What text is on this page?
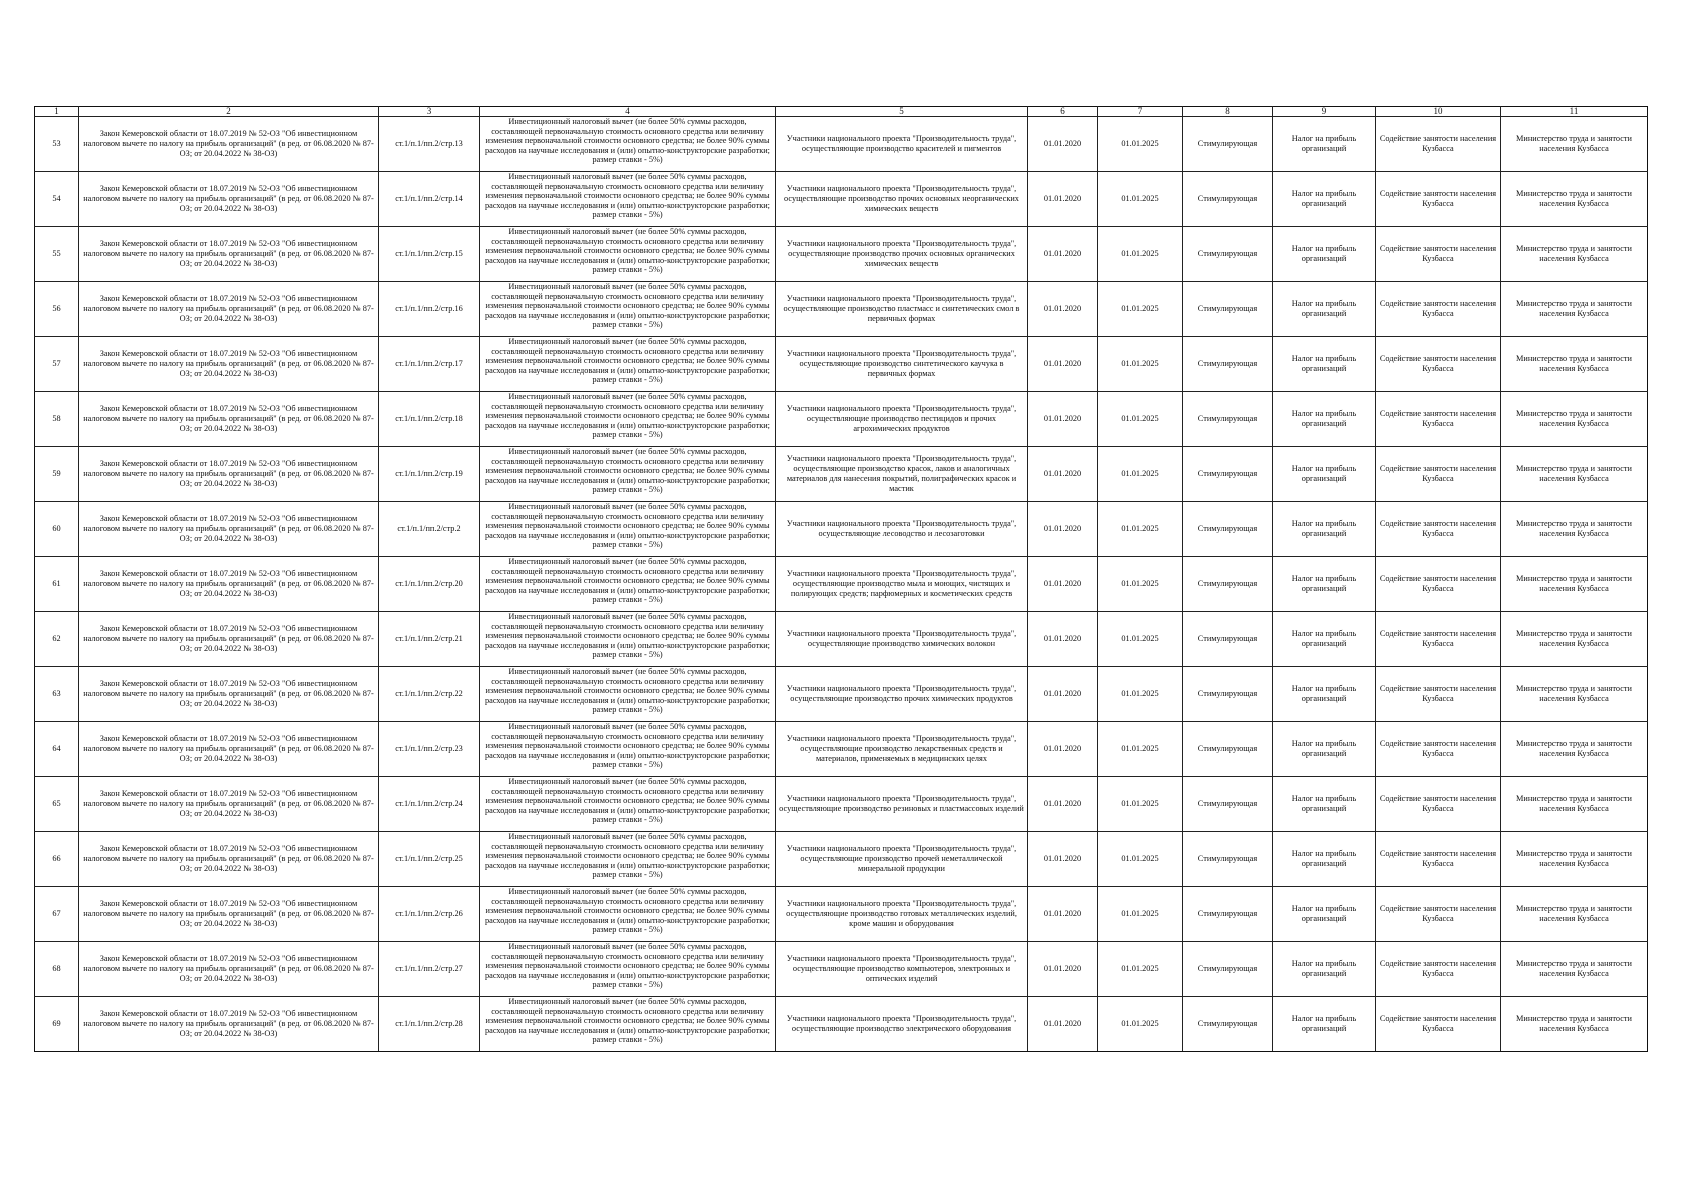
1	2	3	4	5	6	7	8	9	10	11
53	Закон Кемеровской области от 18.07.2019 № 52-ОЗ "Об инвестиционном налоговом вычете по налогу на прибыль организаций" (в ред. от 06.08.2020 № 87-ОЗ; от 20.04.2022 № 38-ОЗ)	ст.1/п.1/пп.2/стр.13	Инвестиционный налоговый вычет (не более 50% суммы расходов, составляющей первоначальную стоимость основного средства или величину изменения первоначальной стоимости основного средства; не более 90% суммы расходов на научные исследования и (или) опытно-конструкторские разработки; размер ставки - 5%)	Участники национального проекта "Производительность труда", осуществляющие производство красителей и пигментов	01.01.2020	01.01.2025	Стимулирующая	Налог на прибыль организаций	Содействие занятости населения Кузбасса	Министерство труда и занятости населения Кузбасса
54	Закон Кемеровской области от 18.07.2019 № 52-ОЗ "Об инвестиционном налоговом вычете по налогу на прибыль организаций" (в ред. от 06.08.2020 № 87-ОЗ; от 20.04.2022 № 38-ОЗ)	ст.1/п.1/пп.2/стр.14	Инвестиционный налоговый вычет (не более 50% суммы расходов, составляющей первоначальную стоимость основного средства или величину изменения первоначальной стоимости основного средства; не более 90% суммы расходов на научные исследования и (или) опытно-конструкторские разработки; размер ставки - 5%)	Участники национального проекта "Производительность труда", осуществляющие производство прочих основных неорганических химических веществ	01.01.2020	01.01.2025	Стимулирующая	Налог на прибыль организаций	Содействие занятости населения Кузбасса	Министерство труда и занятости населения Кузбасса
55	Закон Кемеровской области от 18.07.2019 № 52-ОЗ "Об инвестиционном налоговом вычете по налогу на прибыль организаций" (в ред. от 06.08.2020 № 87-ОЗ; от 20.04.2022 № 38-ОЗ)	ст.1/п.1/пп.2/стр.15	Инвестиционный налоговый вычет (не более 50% суммы расходов, составляющей первоначальную стоимость основного средства или величину изменения первоначальной стоимости основного средства; не более 90% суммы расходов на научные исследования и (или) опытно-конструкторские разработки; размер ставки - 5%)	Участники национального проекта "Производительность труда", осуществляющие производство прочих основных органических химических веществ	01.01.2020	01.01.2025	Стимулирующая	Налог на прибыль организаций	Содействие занятости населения Кузбасса	Министерство труда и занятости населения Кузбасса
56	Закон Кемеровской области от 18.07.2019 № 52-ОЗ "Об инвестиционном налоговом вычете по налогу на прибыль организаций" (в ред. от 06.08.2020 № 87-ОЗ; от 20.04.2022 № 38-ОЗ)	ст.1/п.1/пп.2/стр.16	Инвестиционный налоговый вычет (не более 50% суммы расходов, составляющей первоначальную стоимость основного средства или величину изменения первоначальной стоимости основного средства; не более 90% суммы расходов на научные исследования и (или) опытно-конструкторские разработки; размер ставки - 5%)	Участники национального проекта "Производительность труда", осуществляющие производство пластмасс и синтетических смол в первичных формах	01.01.2020	01.01.2025	Стимулирующая	Налог на прибыль организаций	Содействие занятости населения Кузбасса	Министерство труда и занятости населения Кузбасса
57	Закон Кемеровской области от 18.07.2019 № 52-ОЗ "Об инвестиционном налоговом вычете по налогу на прибыль организаций" (в ред. от 06.08.2020 № 87-ОЗ; от 20.04.2022 № 38-ОЗ)	ст.1/п.1/пп.2/стр.17	Инвестиционный налоговый вычет (не более 50% суммы расходов, составляющей первоначальную стоимость основного средства или величину изменения первоначальной стоимости основного средства; не более 90% суммы расходов на научные исследования и (или) опытно-конструкторские разработки; размер ставки - 5%)	Участники национального проекта "Производительность труда", осуществляющие производство синтетического каучука в первичных формах	01.01.2020	01.01.2025	Стимулирующая	Налог на прибыль организаций	Содействие занятости населения Кузбасса	Министерство труда и занятости населения Кузбасса
58	Закон Кемеровской области от 18.07.2019 № 52-ОЗ "Об инвестиционном налоговом вычете по налогу на прибыль организаций" (в ред. от 06.08.2020 № 87-ОЗ; от 20.04.2022 № 38-ОЗ)	ст.1/п.1/пп.2/стр.18	Инвестиционный налоговый вычет (не более 50% суммы расходов, составляющей первоначальную стоимость основного средства или величину изменения первоначальной стоимости основного средства; не более 90% суммы расходов на научные исследования и (или) опытно-конструкторские разработки; размер ставки - 5%)	Участники национального проекта "Производительность труда", осуществляющие производство пестицидов и прочих агрохимических продуктов	01.01.2020	01.01.2025	Стимулирующая	Налог на прибыль организаций	Содействие занятости населения Кузбасса	Министерство труда и занятости населения Кузбасса
59	Закон Кемеровской области от 18.07.2019 № 52-ОЗ "Об инвестиционном налоговом вычете по налогу на прибыль организаций" (в ред. от 06.08.2020 № 87-ОЗ; от 20.04.2022 № 38-ОЗ)	ст.1/п.1/пп.2/стр.19	Инвестиционный налоговый вычет (не более 50% суммы расходов, составляющей первоначальную стоимость основного средства или величину изменения первоначальной стоимости основного средства; не более 90% суммы расходов на научные исследования и (или) опытно-конструкторские разработки; размер ставки - 5%)	Участники национального проекта "Производительность труда", осуществляющие производство красок, лаков и аналогичных материалов для нанесения покрытий, полиграфических красок и мастик	01.01.2020	01.01.2025	Стимулирующая	Налог на прибыль организаций	Содействие занятости населения Кузбасса	Министерство труда и занятости населения Кузбасса
60	Закон Кемеровской области от 18.07.2019 № 52-ОЗ "Об инвестиционном налоговом вычете по налогу на прибыль организаций" (в ред. от 06.08.2020 № 87-ОЗ; от 20.04.2022 № 38-ОЗ)	ст.1/п.1/пп.2/стр.2	Инвестиционный налоговый вычет (не более 50% суммы расходов, составляющей первоначальную стоимость основного средства или величину изменения первоначальной стоимости основного средства; не более 90% суммы расходов на научные исследования и (или) опытно-конструкторские разработки; размер ставки - 5%)	Участники национального проекта "Производительность труда", осуществляющие лесоводство и лесозаготовки	01.01.2020	01.01.2025	Стимулирующая	Налог на прибыль организаций	Содействие занятости населения Кузбасса	Министерство труда и занятости населения Кузбасса
61	Закон Кемеровской области от 18.07.2019 № 52-ОЗ "Об инвестиционном налоговом вычете по налогу на прибыль организаций" (в ред. от 06.08.2020 № 87-ОЗ; от 20.04.2022 № 38-ОЗ)	ст.1/п.1/пп.2/стр.20	Инвестиционный налоговый вычет (не более 50% суммы расходов, составляющей первоначальную стоимость основного средства или величину изменения первоначальной стоимости основного средства; не более 90% суммы расходов на научные исследования и (или) опытно-конструкторские разработки; размер ставки - 5%)	Участники национального проекта "Производительность труда", осуществляющие производство мыла и моющих, чистящих и полирующих средств; парфюмерных и косметических средств	01.01.2020	01.01.2025	Стимулирующая	Налог на прибыль организаций	Содействие занятости населения Кузбасса	Министерство труда и занятости населения Кузбасса
62	Закон Кемеровской области от 18.07.2019 № 52-ОЗ "Об инвестиционном налоговом вычете по налогу на прибыль организаций" (в ред. от 06.08.2020 № 87-ОЗ; от 20.04.2022 № 38-ОЗ)	ст.1/п.1/пп.2/стр.21	Инвестиционный налоговый вычет (не более 50% суммы расходов, составляющей первоначальную стоимость основного средства или величину изменения первоначальной стоимости основного средства; не более 90% суммы расходов на научные исследования и (или) опытно-конструкторские разработки; размер ставки - 5%)	Участники национального проекта "Производительность труда", осуществляющие производство химических волокон	01.01.2020	01.01.2025	Стимулирующая	Налог на прибыль организаций	Содействие занятости населения Кузбасса	Министерство труда и занятости населения Кузбасса
63	Закон Кемеровской области от 18.07.2019 № 52-ОЗ "Об инвестиционном налоговом вычете по налогу на прибыль организаций" (в ред. от 06.08.2020 № 87-ОЗ; от 20.04.2022 № 38-ОЗ)	ст.1/п.1/пп.2/стр.22	Инвестиционный налоговый вычет (не более 50% суммы расходов, составляющей первоначальную стоимость основного средства или величину изменения первоначальной стоимости основного средства; не более 90% суммы расходов на научные исследования и (или) опытно-конструкторские разработки; размер ставки - 5%)	Участники национального проекта "Производительность труда", осуществляющие производство прочих химических продуктов	01.01.2020	01.01.2025	Стимулирующая	Налог на прибыль организаций	Содействие занятости населения Кузбасса	Министерство труда и занятости населения Кузбасса
64	Закон Кемеровской области от 18.07.2019 № 52-ОЗ "Об инвестиционном налоговом вычете по налогу на прибыль организаций" (в ред. от 06.08.2020 № 87-ОЗ; от 20.04.2022 № 38-ОЗ)	ст.1/п.1/пп.2/стр.23	Инвестиционный налоговый вычет (не более 50% суммы расходов, составляющей первоначальную стоимость основного средства или величину изменения первоначальной стоимости основного средства; не более 90% суммы расходов на научные исследования и (или) опытно-конструкторские разработки; размер ставки - 5%)	Участники национального проекта "Производительность труда", осуществляющие производство лекарственных средств и материалов, применяемых в медицинских целях	01.01.2020	01.01.2025	Стимулирующая	Налог на прибыль организаций	Содействие занятости населения Кузбасса	Министерство труда и занятости населения Кузбасса
65	Закон Кемеровской области от 18.07.2019 № 52-ОЗ "Об инвестиционном налоговом вычете по налогу на прибыль организаций" (в ред. от 06.08.2020 № 87-ОЗ; от 20.04.2022 № 38-ОЗ)	ст.1/п.1/пп.2/стр.24	Инвестиционный налоговый вычет (не более 50% суммы расходов, составляющей первоначальную стоимость основного средства или величину изменения первоначальной стоимости основного средства; не более 90% суммы расходов на научные исследования и (или) опытно-конструкторские разработки; размер ставки - 5%)	Участники национального проекта "Производительность труда", осуществляющие производство резиновых и пластмассовых изделий	01.01.2020	01.01.2025	Стимулирующая	Налог на прибыль организаций	Содействие занятости населения Кузбасса	Министерство труда и занятости населения Кузбасса
66	Закон Кемеровской области от 18.07.2019 № 52-ОЗ "Об инвестиционном налоговом вычете по налогу на прибыль организаций" (в ред. от 06.08.2020 № 87-ОЗ; от 20.04.2022 № 38-ОЗ)	ст.1/п.1/пп.2/стр.25	Инвестиционный налоговый вычет (не более 50% суммы расходов, составляющей первоначальную стоимость основного средства или величину изменения первоначальной стоимости основного средства; не более 90% суммы расходов на научные исследования и (или) опытно-конструкторские разработки; размер ставки - 5%)	Участники национального проекта "Производительность труда", осуществляющие производство прочей неметаллической минеральной продукции	01.01.2020	01.01.2025	Стимулирующая	Налог на прибыль организаций	Содействие занятости населения Кузбасса	Министерство труда и занятости населения Кузбасса
67	Закон Кемеровской области от 18.07.2019 № 52-ОЗ "Об инвестиционном налоговом вычете по налогу на прибыль организаций" (в ред. от 06.08.2020 № 87-ОЗ; от 20.04.2022 № 38-ОЗ)	ст.1/п.1/пп.2/стр.26	Инвестиционный налоговый вычет (не более 50% суммы расходов, составляющей первоначальную стоимость основного средства или величину изменения первоначальной стоимости основного средства; не более 90% суммы расходов на научные исследования и (или) опытно-конструкторские разработки; размер ставки - 5%)	Участники национального проекта "Производительность труда", осуществляющие производство готовых металлических изделий, кроме машин и оборудования	01.01.2020	01.01.2025	Стимулирующая	Налог на прибыль организаций	Содействие занятости населения Кузбасса	Министерство труда и занятости населения Кузбасса
68	Закон Кемеровской области от 18.07.2019 № 52-ОЗ "Об инвестиционном налоговом вычете по налогу на прибыль организаций" (в ред. от 06.08.2020 № 87-ОЗ; от 20.04.2022 № 38-ОЗ)	ст.1/п.1/пп.2/стр.27	Инвестиционный налоговый вычет (не более 50% суммы расходов, составляющей первоначальную стоимость основного средства или величину изменения первоначальной стоимости основного средства; не более 90% суммы расходов на научные исследования и (или) опытно-конструкторские разработки; размер ставки - 5%)	Участники национального проекта "Производительность труда", осуществляющие производство компьютеров, электронных и оптических изделий	01.01.2020	01.01.2025	Стимулирующая	Налог на прибыль организаций	Содействие занятости населения Кузбасса	Министерство труда и занятости населения Кузбасса
69	Закон Кемеровской области от 18.07.2019 № 52-ОЗ "Об инвестиционном налоговом вычете по налогу на прибыль организаций" (в ред. от 06.08.2020 № 87-ОЗ; от 20.04.2022 № 38-ОЗ)	ст.1/п.1/пп.2/стр.28	Инвестиционный налоговый вычет (не более 50% суммы расходов, составляющей первоначальную стоимость основного средства или величину изменения первоначальной стоимости основного средства; не более 90% суммы расходов на научные исследования и (или) опытно-конструкторские разработки; размер ставки - 5%)	Участники национального проекта "Производительность труда", осуществляющие производство электрического оборудования	01.01.2020	01.01.2025	Стимулирующая	Налог на прибыль организаций	Содействие занятости населения Кузбасса	Министерство труда и занятости населения Кузбасса
